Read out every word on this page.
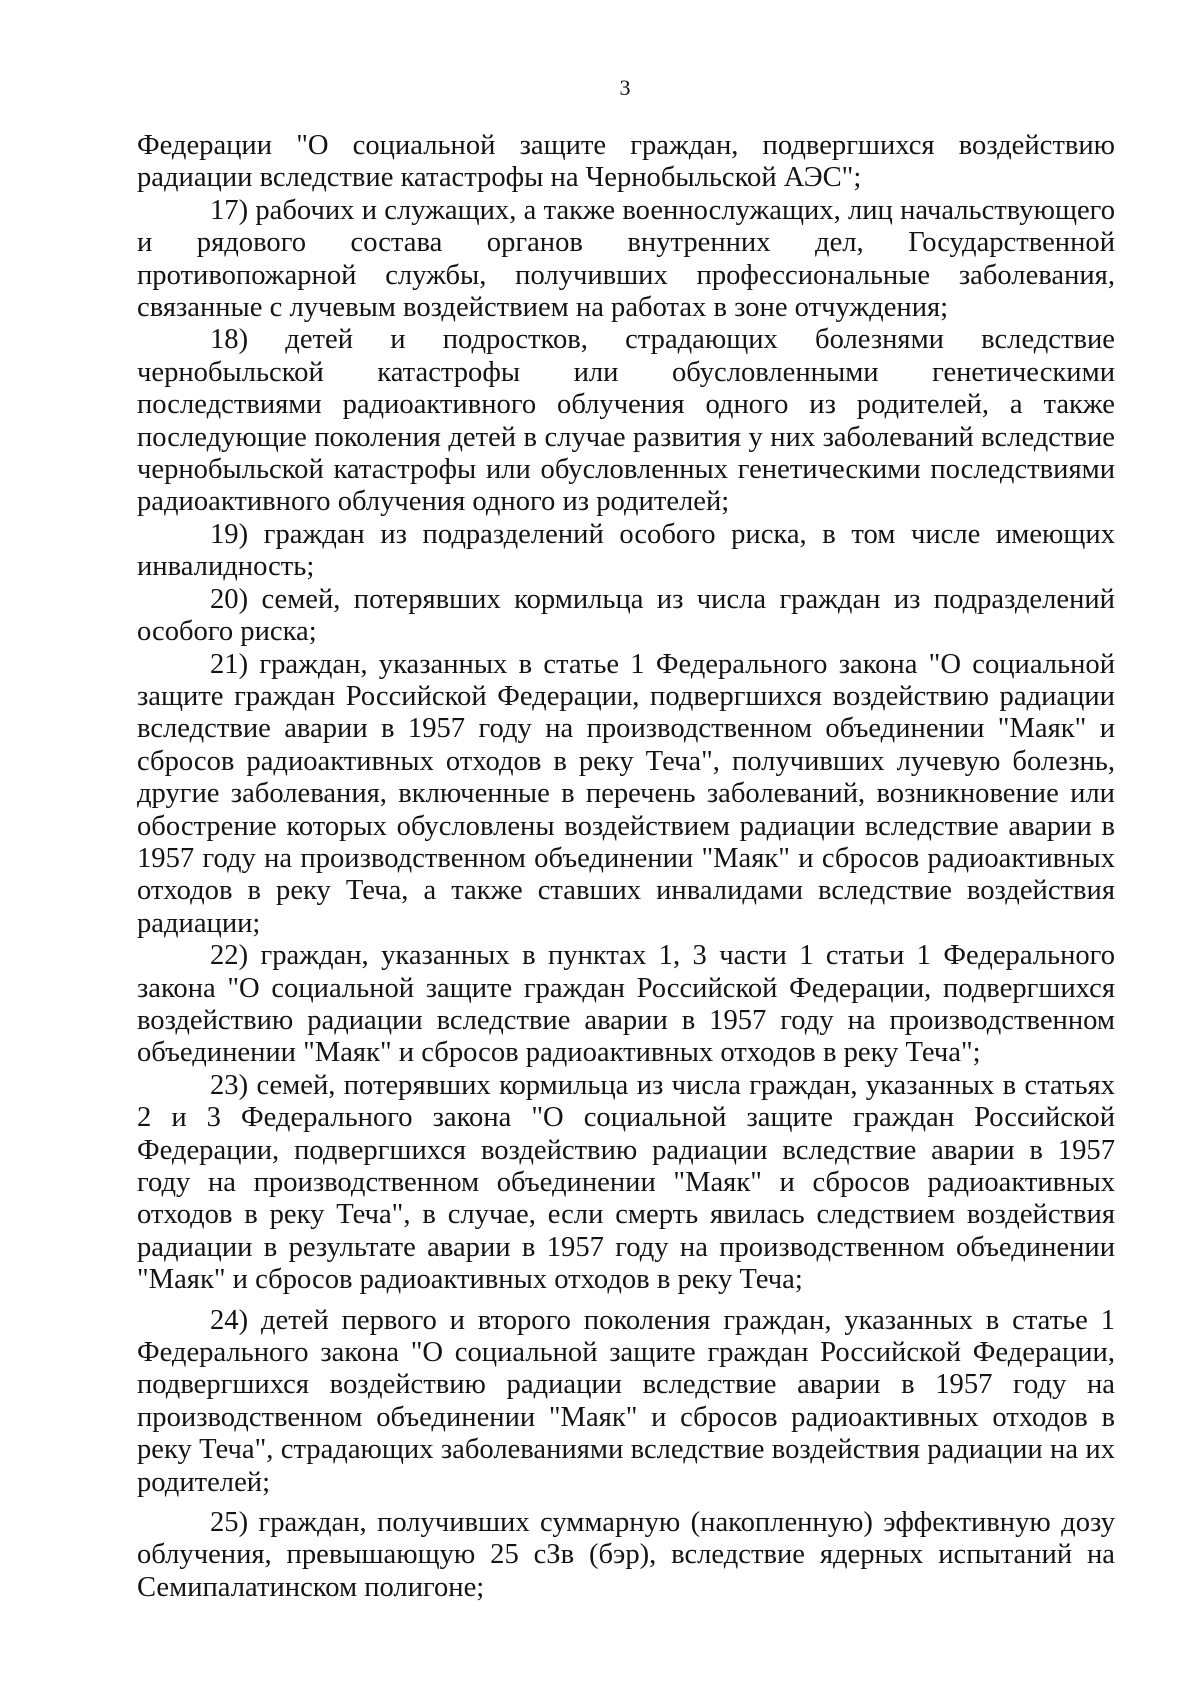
3

Федерации "О социальной защите граждан, подвергшихся воздействию радиации вследствие катастрофы на Чернобыльской АЭС";

17) рабочих и служащих, а также военнослужащих, лиц начальствующего и рядового состава органов внутренних дел, Государственной противопожарной службы, получивших профессиональные заболевания, связанные с лучевым воздействием на работах в зоне отчуждения;

18) детей и подростков, страдающих болезнями вследствие чернобыльской катастрофы или обусловленными генетическими последствиями радиоактивного облучения одного из родителей, а также последующие поколения детей в случае развития у них заболеваний вследствие чернобыльской катастрофы или обусловленных генетическими последствиями радиоактивного облучения одного из родителей;

19) граждан из подразделений особого риска, в том числе имеющих инвалидность;

20) семей, потерявших кормильца из числа граждан из подразделений особого риска;

21) граждан, указанных в статье 1 Федерального закона "О социальной защите граждан Российской Федерации, подвергшихся воздействию радиации вследствие аварии в 1957 году на производственном объединении "Маяк" и сбросов радиоактивных отходов в реку Теча", получивших лучевую болезнь, другие заболевания, включенные в перечень заболеваний, возникновение или обострение которых обусловлены воздействием радиации вследствие аварии в 1957 году на производственном объединении "Маяк" и сбросов радиоактивных отходов в реку Теча, а также ставших инвалидами вследствие воздействия радиации;

22) граждан, указанных в пунктах 1, 3 части 1 статьи 1 Федерального закона "О социальной защите граждан Российской Федерации, подвергшихся воздействию радиации вследствие аварии в 1957 году на производственном объединении "Маяк" и сбросов радиоактивных отходов в реку Теча";

23) семей, потерявших кормильца из числа граждан, указанных в статьях 2 и 3 Федерального закона "О социальной защите граждан Российской Федерации, подвергшихся воздействию радиации вследствие аварии в 1957 году на производственном объединении "Маяк" и сбросов радиоактивных отходов в реку Теча", в случае, если смерть явилась следствием воздействия радиации в результате аварии в 1957 году на производственном объединении "Маяк" и сбросов радиоактивных отходов в реку Теча;

24) детей первого и второго поколения граждан, указанных в статье 1 Федерального закона "О социальной защите граждан Российской Федерации, подвергшихся воздействию радиации вследствие аварии в 1957 году на производственном объединении "Маяк" и сбросов радиоактивных отходов в реку Теча", страдающих заболеваниями вследствие воздействия радиации на их родителей;

25) граждан, получивших суммарную (накопленную) эффективную дозу облучения, превышающую 25 сЗв (бэр), вследствие ядерных испытаний на Семипалатинском полигоне;
